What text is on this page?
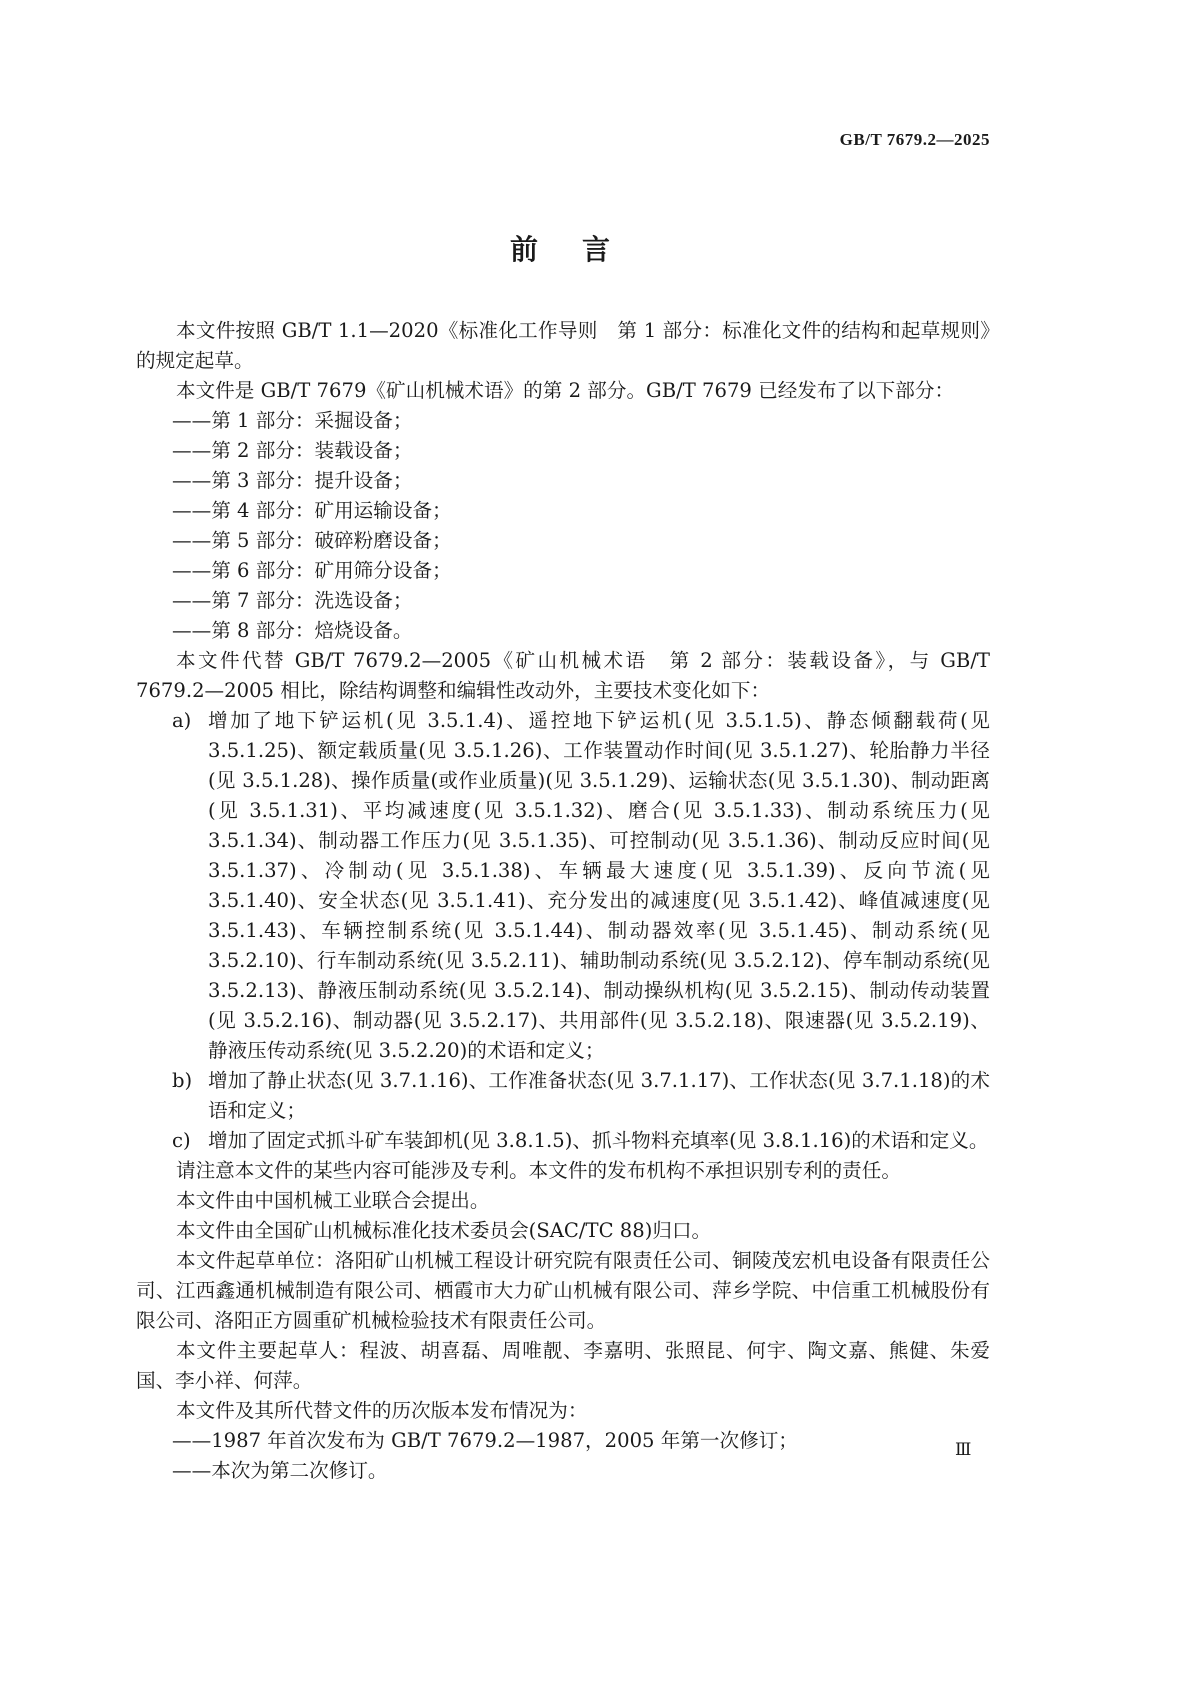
GB/T 7679.2—2025
前 言

本文件按照 GB/T 1.1—2020《标准化工作导则　第 1 部分：标准化文件的结构和起草规则》的规定起草。

本文件是 GB/T 7679《矿山机械术语》的第 2 部分。GB/T 7679 已经发布了以下部分：

——第 1 部分：采掘设备；

——第 2 部分：装载设备；

——第 3 部分：提升设备；

——第 4 部分：矿用运输设备；

——第 5 部分：破碎粉磨设备；

——第 6 部分：矿用筛分设备；

——第 7 部分：洗选设备；

——第 8 部分：焙烧设备。

本文件代替 GB/T 7679.2—2005《矿山机械术语　第 2 部分：装载设备》，与 GB/T 7679.2—2005 相比，除结构调整和编辑性改动外，主要技术变化如下：

a) 增加了地下铲运机(见 3.5.1.4)、遥控地下铲运机(见 3.5.1.5)、静态倾翻载荷(见 3.5.1.25)、额定载质量(见 3.5.1.26)、工作装置动作时间(见 3.5.1.27)、轮胎静力半径(见 3.5.1.28)、操作质量(或作业质量)(见 3.5.1.29)、运输状态(见 3.5.1.30)、制动距离(见 3.5.1.31)、平均减速度(见 3.5.1.32)、磨合(见 3.5.1.33)、制动系统压力(见 3.5.1.34)、制动器工作压力(见 3.5.1.35)、可控制动(见 3.5.1.36)、制动反应时间(见 3.5.1.37)、冷制动(见 3.5.1.38)、车辆最大速度(见 3.5.1.39)、反向节流(见 3.5.1.40)、安全状态(见 3.5.1.41)、充分发出的减速度(见 3.5.1.42)、峰值减速度(见 3.5.1.43)、车辆控制系统(见 3.5.1.44)、制动器效率(见 3.5.1.45)、制动系统(见 3.5.2.10)、行车制动系统(见 3.5.2.11)、辅助制动系统(见 3.5.2.12)、停车制动系统(见 3.5.2.13)、静液压制动系统(见 3.5.2.14)、制动操纵机构(见 3.5.2.15)、制动传动装置(见 3.5.2.16)、制动器(见 3.5.2.17)、共用部件(见 3.5.2.18)、限速器(见 3.5.2.19)、静液压传动系统(见 3.5.2.20)的术语和定义；
b) 增加了静止状态(见 3.7.1.16)、工作准备状态(见 3.7.1.17)、工作状态(见 3.7.1.18)的术语和定义；
c) 增加了固定式抓斗矿车装卸机(见 3.8.1.5)、抓斗物料充填率(见 3.8.1.16)的术语和定义。

请注意本文件的某些内容可能涉及专利。本文件的发布机构不承担识别专利的责任。

本文件由中国机械工业联合会提出。

本文件由全国矿山机械标准化技术委员会(SAC/TC 88)归口。

本文件起草单位：洛阳矿山机械工程设计研究院有限责任公司、铜陵茂宏机电设备有限责任公司、江西鑫通机械制造有限公司、栖霞市大力矿山机械有限公司、萍乡学院、中信重工机械股份有限公司、洛阳正方圆重矿机械检验技术有限责任公司。

本文件主要起草人：程波、胡喜磊、周唯靓、李嘉明、张照昆、何宇、陶文嘉、熊健、朱爱国、李小祥、何萍。

本文件及其所代替文件的历次版本发布情况为：

——1987 年首次发布为 GB/T 7679.2—1987，2005 年第一次修订；

——本次为第二次修订。

Ⅲ
